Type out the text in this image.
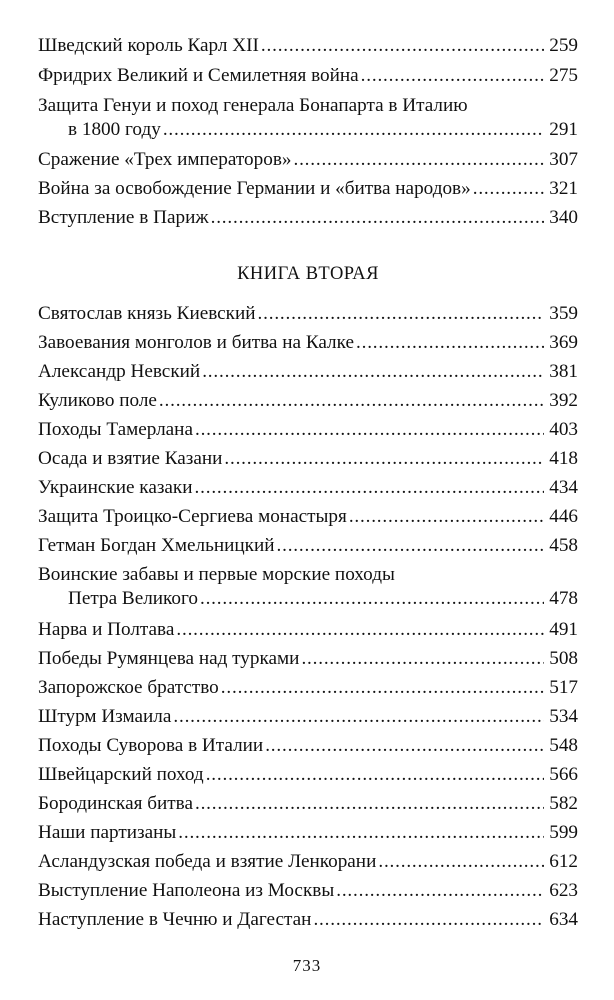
Шведский король Карл XII . . .	259
Фридрих Великий и Семилетняя война . . .	275
Защита Генуи и поход генерала Бонапарта в Италию
в 1800 году . . .	291
Сражение «Трех императоров» . . .	307
Война за освобождение Германии и «битва народов» . . .	321
Вступление в Париж . . .	340
КНИГА ВТОРАЯ
Святослав князь Киевский . . .	359
Завоевания монголов и битва на Калке . . .	369
Александр Невский . . .	381
Куликово поле . . .	392
Походы Тамерлана . . .	403
Осада и взятие Казани . . .	418
Украинские казаки . . .	434
Защита Троицко-Сергиева монастыря . . .	446
Гетман Богдан Хмельницкий . . .	458
Воинские забавы и первые морские походы
Петра Великого . . .	478
Нарва и Полтава . . .	491
Победы Румянцева над турками . . .	508
Запорожское братство . . .	517
Штурм Измаила . . .	534
Походы Суворова в Италии . . .	548
Швейцарский поход . . .	566
Бородинская битва . . .	582
Наши партизаны . . .	599
Асландузская победа и взятие Ленкорани . . .	612
Выступление Наполеона из Москвы . . .	623
Наступление в Чечню и Дагестан . . .	634
733
